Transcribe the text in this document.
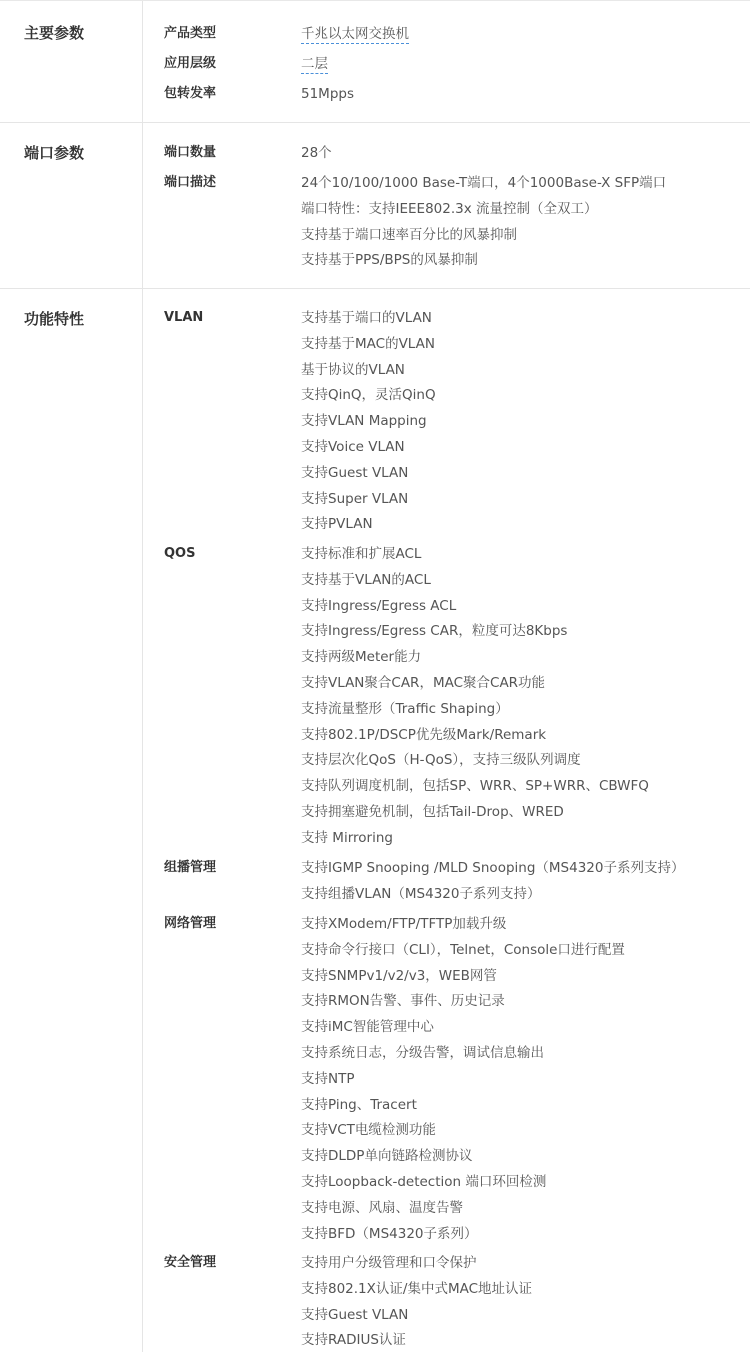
主要参数	产品类型	千兆以太网交换机
应用层级	二层
包转发率	51Mpps
端口参数	端口数量	28个
端口描述	24个10/100/1000 Base-T端口，4个1000Base-X SFP端口
端口特性：支持IEEE802.3x 流量控制（全双工）
支持基于端口速率百分比的风暴抑制
支持基于PPS/BPS的风暴抑制
功能特性	VLAN	支持基于端口的VLAN
支持基于MAC的VLAN
基于协议的VLAN
支持QinQ，灵活QinQ
支持VLAN Mapping
支持Voice VLAN
支持Guest VLAN
支持Super VLAN
支持PVLAN
QOS	支持标准和扩展ACL
支持基于VLAN的ACL
支持Ingress/Egress ACL
支持Ingress/Egress CAR，粒度可达8Kbps
支持两级Meter能力
支持VLAN聚合CAR，MAC聚合CAR功能
支持流量整形（Traffic Shaping）
支持802.1P/DSCP优先级Mark/Remark
支持层次化QoS（H-QoS），支持三级队列调度
支持队列调度机制，包括SP、WRR、SP+WRR、CBWFQ
支持拥塞避免机制，包括Tail-Drop、WRED
支持 Mirroring
组播管理	支持IGMP Snooping /MLD Snooping（MS4320子系列支持）
支持组播VLAN（MS4320子系列支持）
网络管理	支持XModem/FTP/TFTP加载升级
支持命令行接口（CLI），Telnet，Console口进行配置
支持SNMPv1/v2/v3，WEB网管
支持RMON告警、事件、历史记录
支持iMC智能管理中心
支持系统日志，分级告警，调试信息输出
支持NTP
支持Ping、Tracert
支持VCT电缆检测功能
支持DLDP单向链路检测协议
支持Loopback-detection 端口环回检测
支持电源、风扇、温度告警
支持BFD（MS4320子系列）
安全管理	支持用户分级管理和口令保护
支持802.1X认证/集中式MAC地址认证
支持Guest VLAN
支持RADIUS认证
